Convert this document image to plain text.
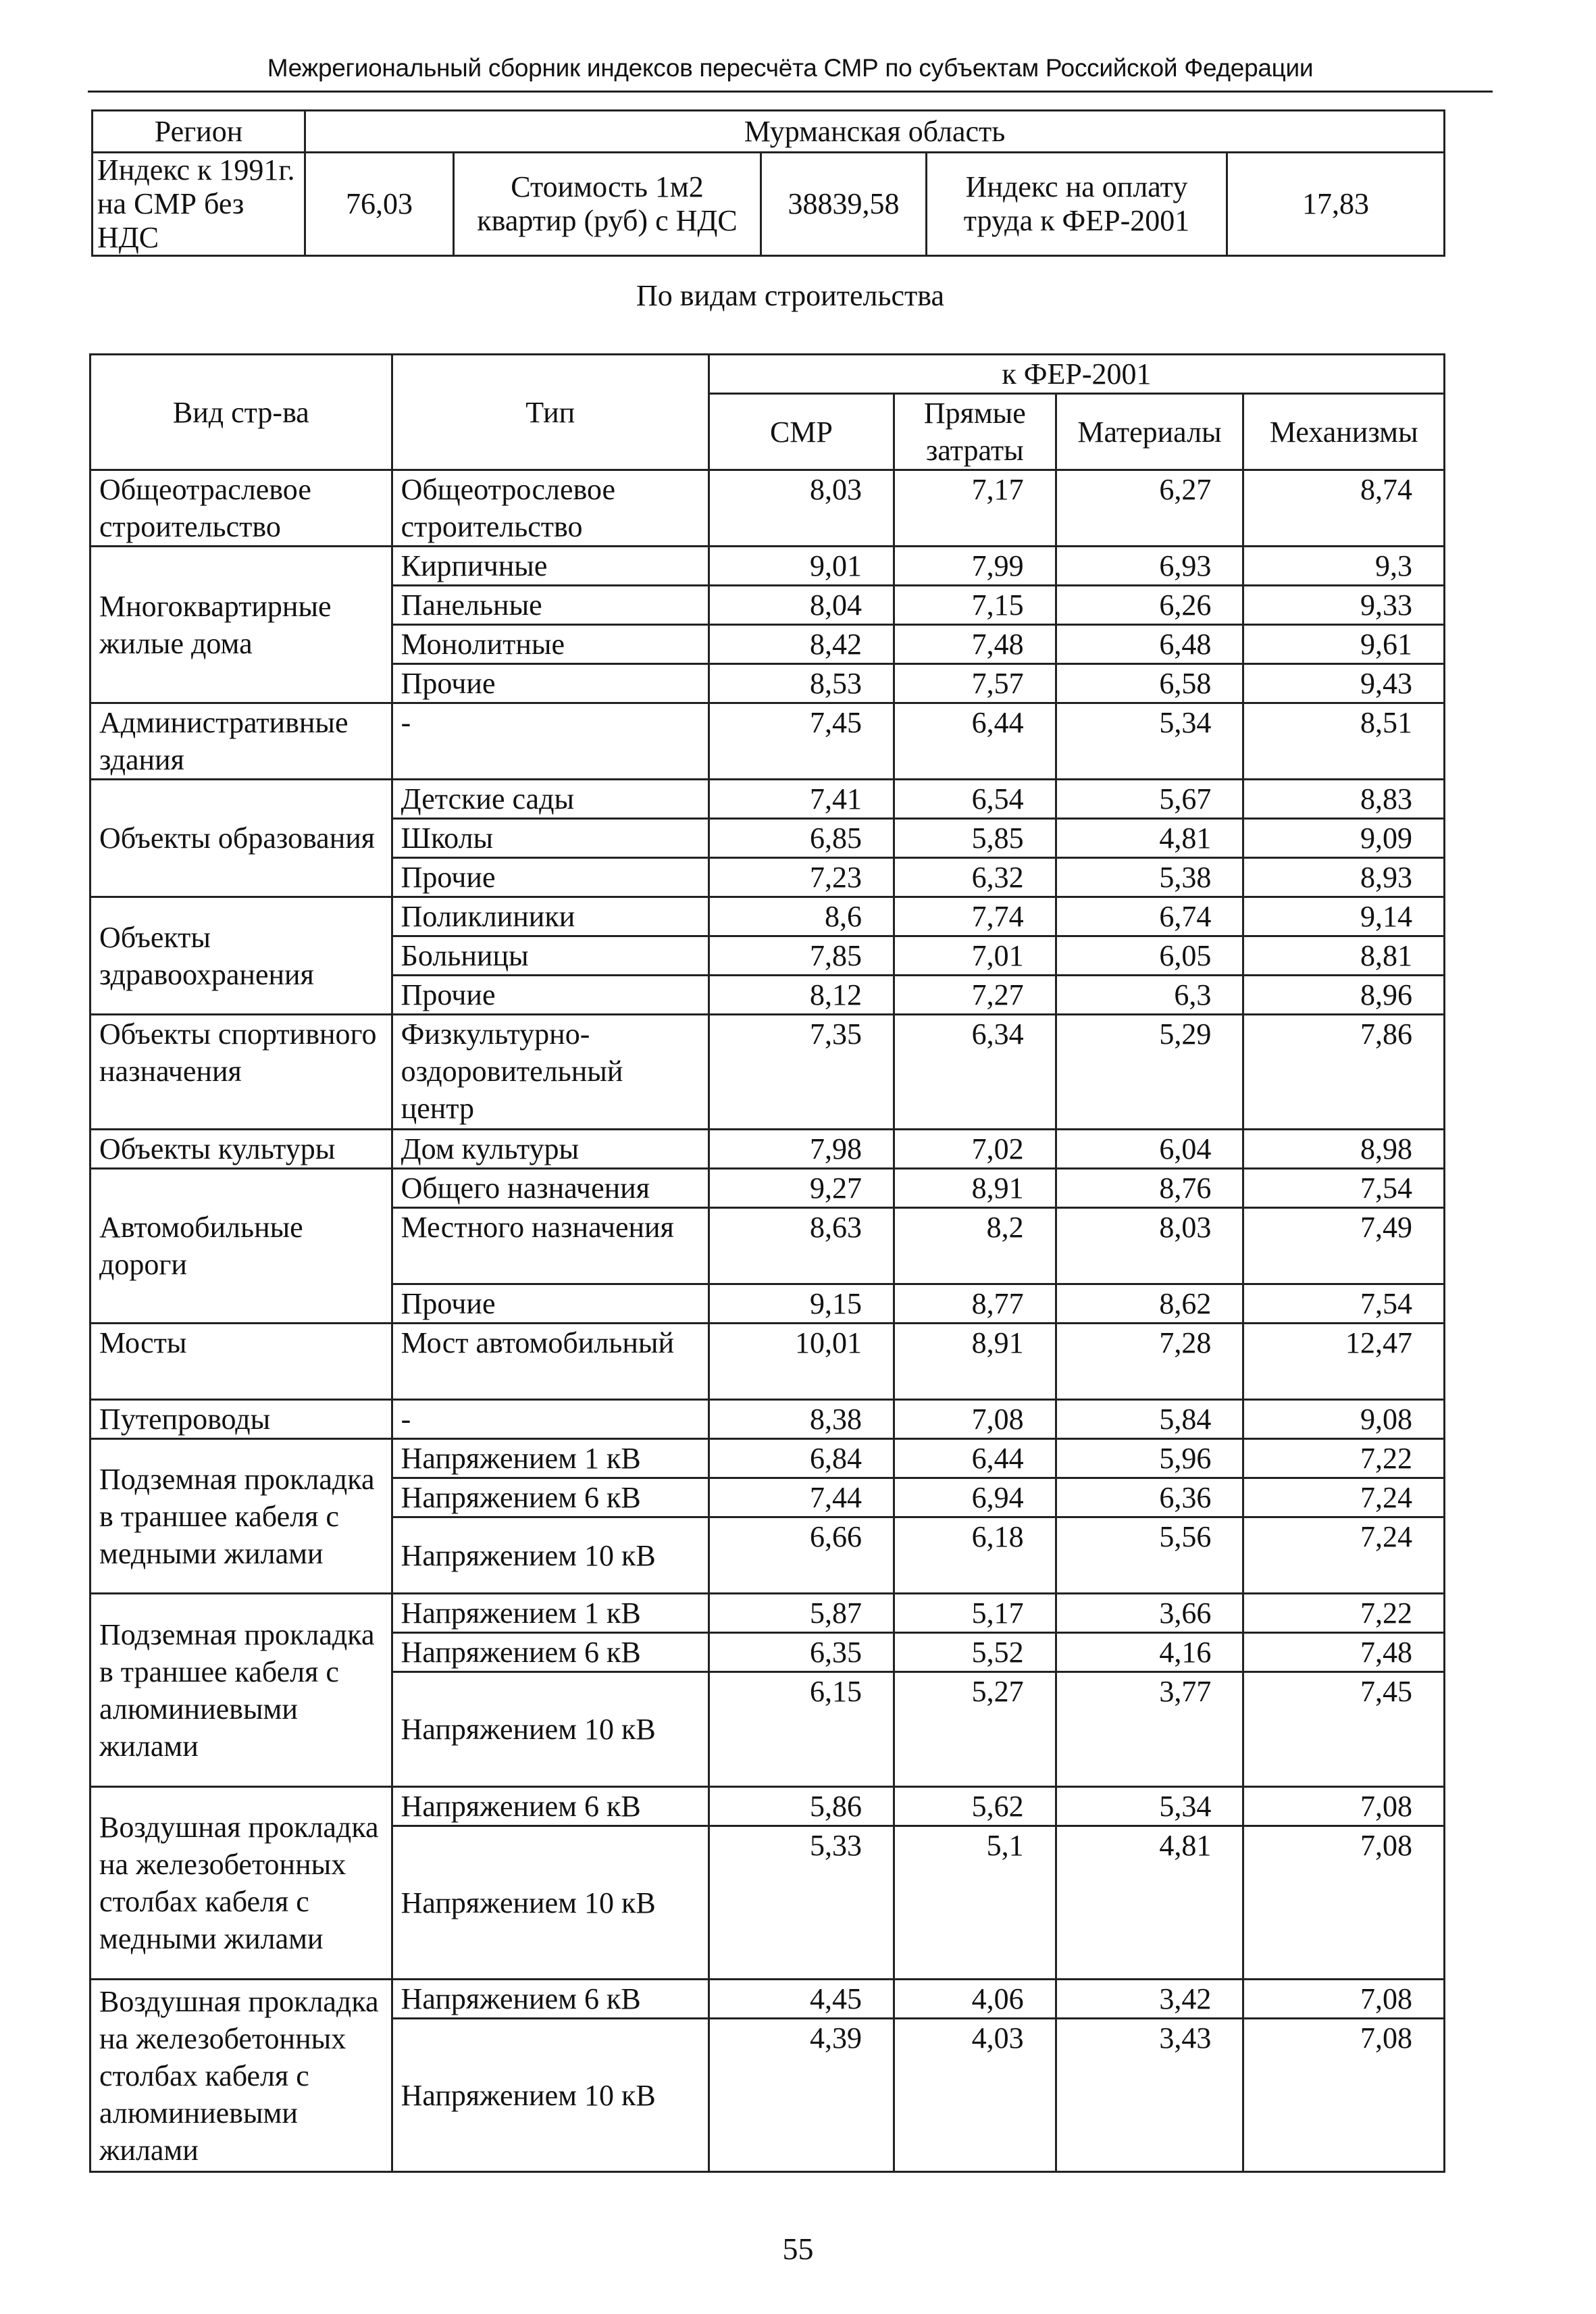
Межрегиональный сборник индексов пересчёта СМР по субъектам Российской Федерации
Регион	Мурманская область				
Индекс к 1991г. на СМР без НДС	76,03	Стоимость 1м2 квартир (руб) с НДС	38839,58	Индекс на оплату труда к ФЕР-2001	17,83
По видам строительства
Вид стр-ва	Тип	к ФЕР-2001			
		СМР	Прямые затраты	Материалы	Механизмы
Общеотраслевое строительство	Общеотрослевое строительство	8,03	7,17	6,27	8,74
Многоквартирные жилые дома	Кирпичные	9,01	7,99	6,93	9,3
	Панельные	8,04	7,15	6,26	9,33
	Монолитные	8,42	7,48	6,48	9,61
	Прочие	8,53	7,57	6,58	9,43
Административные здания	-	7,45	6,44	5,34	8,51
Объекты образования	Детские сады	7,41	6,54	5,67	8,83
	Школы	6,85	5,85	4,81	9,09
	Прочие	7,23	6,32	5,38	8,93
Объекты здравоохранения	Поликлиники	8,6	7,74	6,74	9,14
	Больницы	7,85	7,01	6,05	8,81
	Прочие	8,12	7,27	6,3	8,96
Объекты спортивного назначения	Физкультурно-оздоровительный центр	7,35	6,34	5,29	7,86
Объекты культуры	Дом культуры	7,98	7,02	6,04	8,98
Автомобильные дороги	Общего назначения	9,27	8,91	8,76	7,54
	Местного назначения	8,63	8,2	8,03	7,49
	Прочие	9,15	8,77	8,62	7,54
Мосты	Мост автомобильный	10,01	8,91	7,28	12,47
Путепроводы	-	8,38	7,08	5,84	9,08
Подземная прокладка в траншее кабеля с медными жилами	Напряжением 1 кВ	6,84	6,44	5,96	7,22
	Напряжением 6 кВ	7,44	6,94	6,36	7,24
	Напряжением 10 кВ	6,66	6,18	5,56	7,24
Подземная прокладка в траншее кабеля с алюминиевыми жилами	Напряжением 1 кВ	5,87	5,17	3,66	7,22
	Напряжением 6 кВ	6,35	5,52	4,16	7,48
	Напряжением 10 кВ	6,15	5,27	3,77	7,45
Воздушная прокладка на железобетонных столбах кабеля с медными жилами	Напряжением 6 кВ	5,86	5,62	5,34	7,08
	Напряжением 10 кВ	5,33	5,1	4,81	7,08
Воздушная прокладка на железобетонных столбах кабеля с алюминиевыми жилами	Напряжением 6 кВ	4,45	4,06	3,42	7,08
	Напряжением 10 кВ	4,39	4,03	3,43	7,08
55
